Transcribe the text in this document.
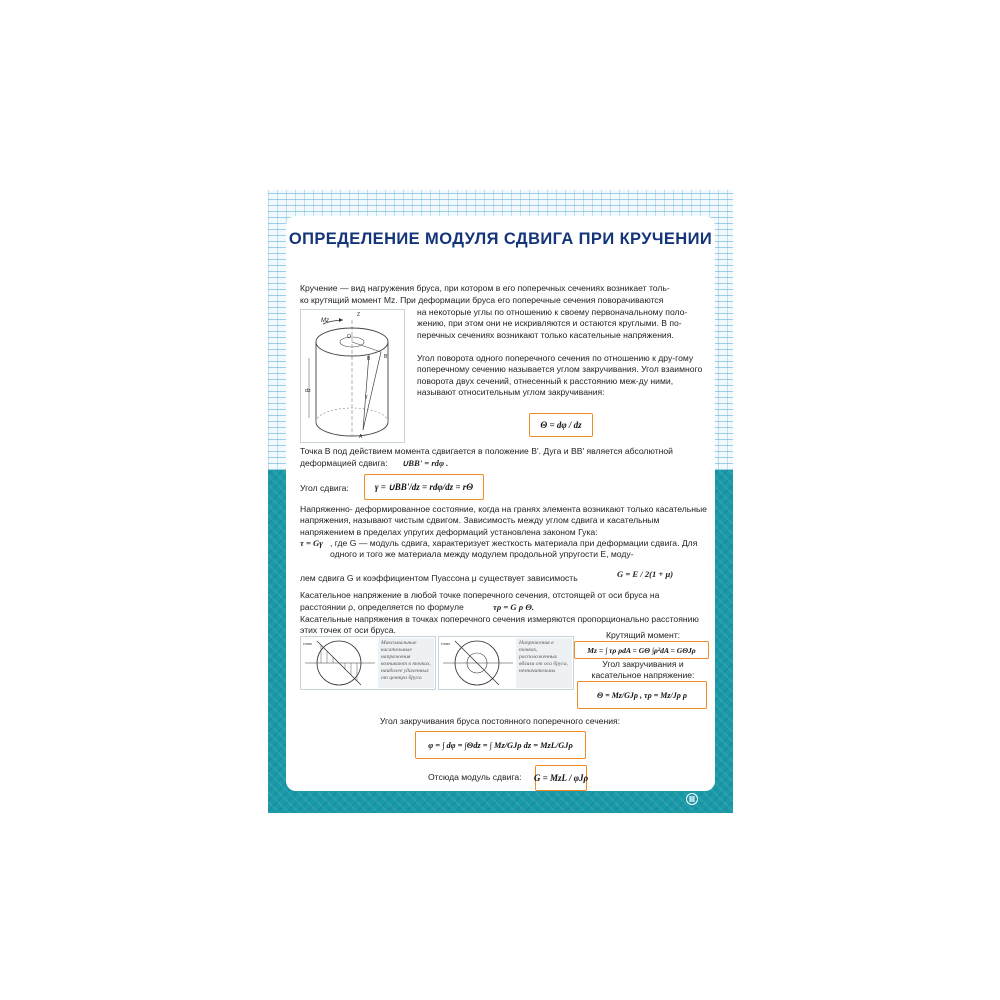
ОПРЕДЕЛЕНИЕ МОДУЛЯ СДВИГА ПРИ КРУЧЕНИИ
Кручение — вид нагружения бруса, при котором в его поперечных сечениях возникает толь-
ко крутящий момент Mz. При деформации бруса его поперечные сечения поворачиваются
Mz
dz
B'
B
γ
A
O
Z	на некоторые углы по отношению к своему первоначальному поло-жению, при этом они не искривляются и остаются круглыми. В по-перечных сечениях возникают только касательные напряжения.
Угол поворота одного поперечного сечения по отношению к дру-гому поперечному сечению называется углом закручивания. Угол взаимного поворота двух сечений, отнесенный к расстоянию меж-ду ними, называют относительным углом закручивания:
Θ = dφ / dz
Точка B под действием момента сдвигается в положение B'. Дуга и BB' является абсолютной
деформацией сдвига: ∪BB' = rdφ .
Угол сдвига:	γ = ∪BB'/dz = rdφ/dz = rΘ
Напряженно- деформированное состояние, когда на гранях элемента возникают только касательные напряжения, называют чистым сдвигом. Зависимость между углом сдвига и касательным напряжением в пределах упругих деформаций установлена законом Гука:
τ = Gγ , где G — модуль сдвига, характеризует жесткость материала при деформации сдвига. Для одного и того же материала между модулем продольной упругости E, моду-
лем сдвига G и коэффициентом Пуассона μ существует зависимость	G = E / 2(1 + μ)
Касательное напряжение в любой точке поперечного сечения, отстоящей от оси бруса на
расстоянии ρ, определяется по формуле	τρ = G ρ Θ.
Касательные напряжения в точках поперечного сечения измеряются пропорционально расстоянию этих точек от оси бруса.
τmax	Максимальные касательные напряжения возникают в точках, наиболее удаленных от центра бруса
τmax	Напряжения в точках, расположенных вблизи от оси бруса, незначительны
Крутящий момент:
Mz = ∫ τρ ρdA = GΘ ∫ρ²dA = GΘJρ
Угол закручивания и касательное напряжение:
Θ = Mz/GJρ , τρ = Mz/Jρ ρ
Угол закручивания бруса постоянного поперечного сечения:
φ = ∫ dφ = ∫Θdz = ∫ Mz/GJρ dz = MzL/GJρ
Отсюда модуль сдвига: G = MzL / φJρ
